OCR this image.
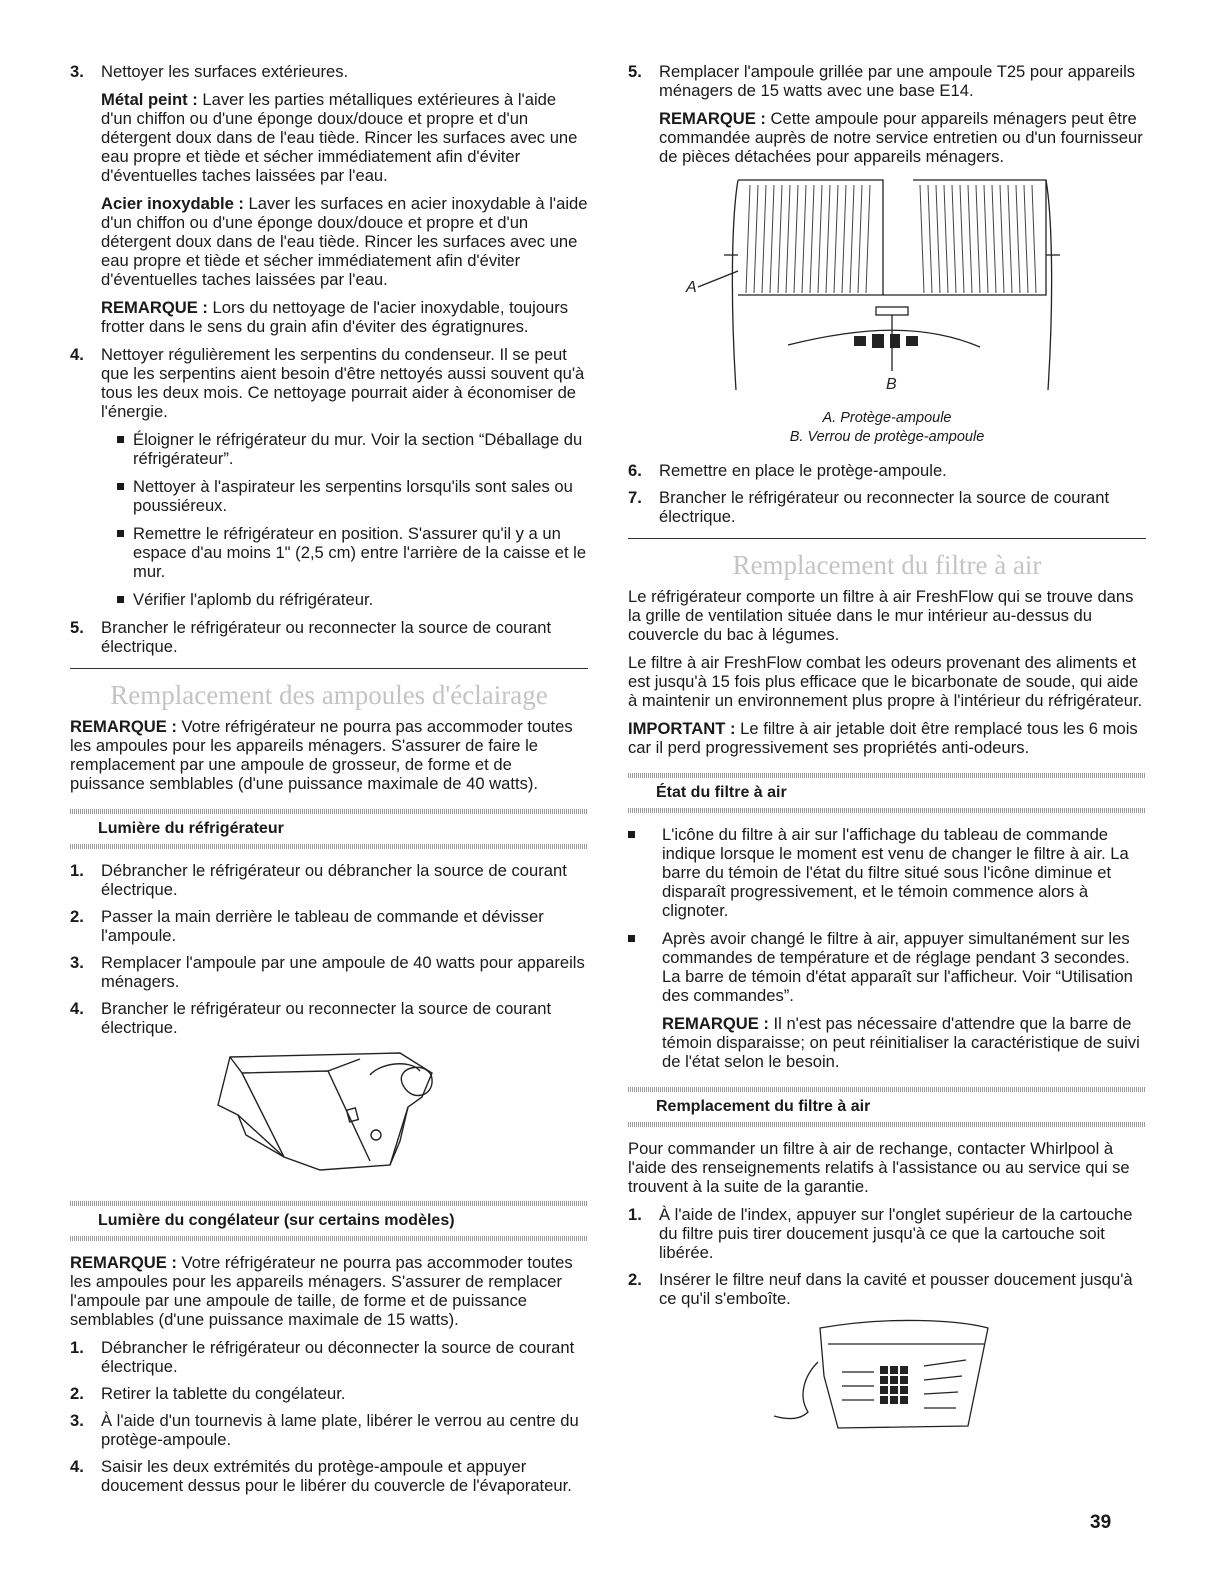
3. Nettoyer les surfaces extérieures.

Métal peint : Laver les parties métalliques extérieures à l'aide d'un chiffon ou d'une éponge doux/douce et propre et d'un détergent doux dans de l'eau tiède. Rincer les surfaces avec une eau propre et tiède et sécher immédiatement afin d'éviter d'éventuelles taches laissées par l'eau.

Acier inoxydable : Laver les surfaces en acier inoxydable à l'aide d'un chiffon ou d'une éponge doux/douce et propre et d'un détergent doux dans de l'eau tiède. Rincer les surfaces avec une eau propre et tiède et sécher immédiatement afin d'éviter d'éventuelles taches laissées par l'eau.

REMARQUE : Lors du nettoyage de l'acier inoxydable, toujours frotter dans le sens du grain afin d'éviter des égratignures.

4. Nettoyer régulièrement les serpentins du condenseur. Il se peut que les serpentins aient besoin d'être nettoyés aussi souvent qu'à tous les deux mois. Ce nettoyage pourrait aider à économiser de l'énergie.

Éloigner le réfrigérateur du mur. Voir la section “Déballage du réfrigérateur”.
Nettoyer à l'aspirateur les serpentins lorsqu'ils sont sales ou poussiéreux.
Remettre le réfrigérateur en position. S'assurer qu'il y a un espace d'au moins 1" (2,5 cm) entre l'arrière de la caisse et le mur.
Vérifier l'aplomb du réfrigérateur.
5. Brancher le réfrigérateur ou reconnecter la source de courant électrique.

Remplacement des ampoules d'éclairage

REMARQUE : Votre réfrigérateur ne pourra pas accommoder toutes les ampoules pour les appareils ménagers. S'assurer de faire le remplacement par une ampoule de grosseur, de forme et de puissance semblables (d'une puissance maximale de 40 watts).

Lumière du réfrigérateur
1. Débrancher le réfrigérateur ou débrancher la source de courant électrique.
2. Passer la main derrière le tableau de commande et dévisser l'ampoule.
3. Remplacer l'ampoule par une ampoule de 40 watts pour appareils ménagers.
4. Brancher le réfrigérateur ou reconnecter la source de courant électrique.
Lumière du congélateur (sur certains modèles)

REMARQUE : Votre réfrigérateur ne pourra pas accommoder toutes les ampoules pour les appareils ménagers. S'assurer de remplacer l'ampoule par une ampoule de taille, de forme et de puissance semblables (d'une puissance maximale de 15 watts).

1. Débrancher le réfrigérateur ou déconnecter la source de courant électrique.
2. Retirer la tablette du congélateur.
3. À l'aide d'un tournevis à lame plate, libérer le verrou au centre du protège-ampoule.
4. Saisir les deux extrémités du protège-ampoule et appuyer doucement dessus pour le libérer du couvercle de l'évaporateur.
5. Remplacer l'ampoule grillée par une ampoule T25 pour appareils ménagers de 15 watts avec une base E14.

REMARQUE : Cette ampoule pour appareils ménagers peut être commandée auprès de notre service entretien ou d'un fournisseur de pièces détachées pour appareils ménagers.

A
B
A. Protège-ampoule
B. Verrou de protège-ampoule
6. Remettre en place le protège-ampoule.
7. Brancher le réfrigérateur ou reconnecter la source de courant électrique.
Remplacement du filtre à air

Le réfrigérateur comporte un filtre à air FreshFlow qui se trouve dans la grille de ventilation située dans le mur intérieur au-dessus du couvercle du bac à légumes.

Le filtre à air FreshFlow combat les odeurs provenant des aliments et est jusqu'à 15 fois plus efficace que le bicarbonate de soude, qui aide à maintenir un environnement plus propre à l'intérieur du réfrigérateur.

IMPORTANT : Le filtre à air jetable doit être remplacé tous les 6 mois car il perd progressivement ses propriétés anti-odeurs.

État du filtre à air

L'icône du filtre à air sur l'affichage du tableau de commande indique lorsque le moment est venu de changer le filtre à air. La barre du témoin de l'état du filtre situé sous l'icône diminue et disparaît progressivement, et le témoin commence alors à clignoter.

Après avoir changé le filtre à air, appuyer simultanément sur les commandes de température et de réglage pendant 3 secondes. La barre de témoin d'état apparaît sur l'afficheur. Voir “Utilisation des commandes”.

REMARQUE : Il n'est pas nécessaire d'attendre que la barre de témoin disparaisse; on peut réinitialiser la caractéristique de suivi de l'état selon le besoin.

Remplacement du filtre à air

Pour commander un filtre à air de rechange, contacter Whirlpool à l'aide des renseignements relatifs à l'assistance ou au service qui se trouvent à la suite de la garantie.

1. À l'aide de l'index, appuyer sur l'onglet supérieur de la cartouche du filtre puis tirer doucement jusqu'à ce que la cartouche soit libérée.
2. Insérer le filtre neuf dans la cavité et pousser doucement jusqu'à ce qu'il s'emboîte.
39
